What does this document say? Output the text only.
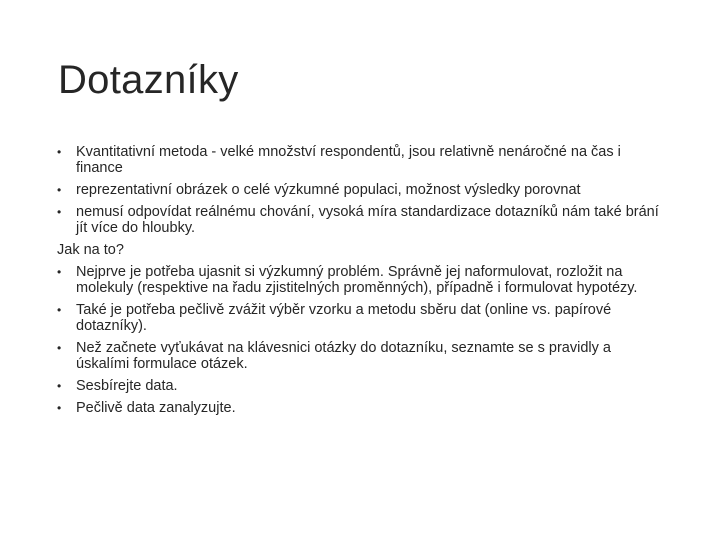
Dotazníky
•	Kvantitativní metoda - velké množství respondentů, jsou relativně nenáročné na čas i finance
•	reprezentativní obrázek o celé výzkumné populaci, možnost výsledky porovnat
•	nemusí odpovídat reálnému chování, vysoká míra standardizace dotazníků nám také brání jít více do hloubky.
Jak na to?
•	Nejprve je potřeba ujasnit si výzkumný problém. Správně jej naformulovat, rozložit na molekuly (respektive na řadu zjistitelných proměnných), případně i formulovat hypotézy.
•	Také je potřeba pečlivě zvážit výběr vzorku a metodu sběru dat (online vs. papírové dotazníky).
•	Než začnete vyťukávat na klávesnici otázky do dotazníku, seznamte se s pravidly a úskalími formulace otázek.
•	Sesbírejte data.
•	Pečlivě data zanalyzujte.
